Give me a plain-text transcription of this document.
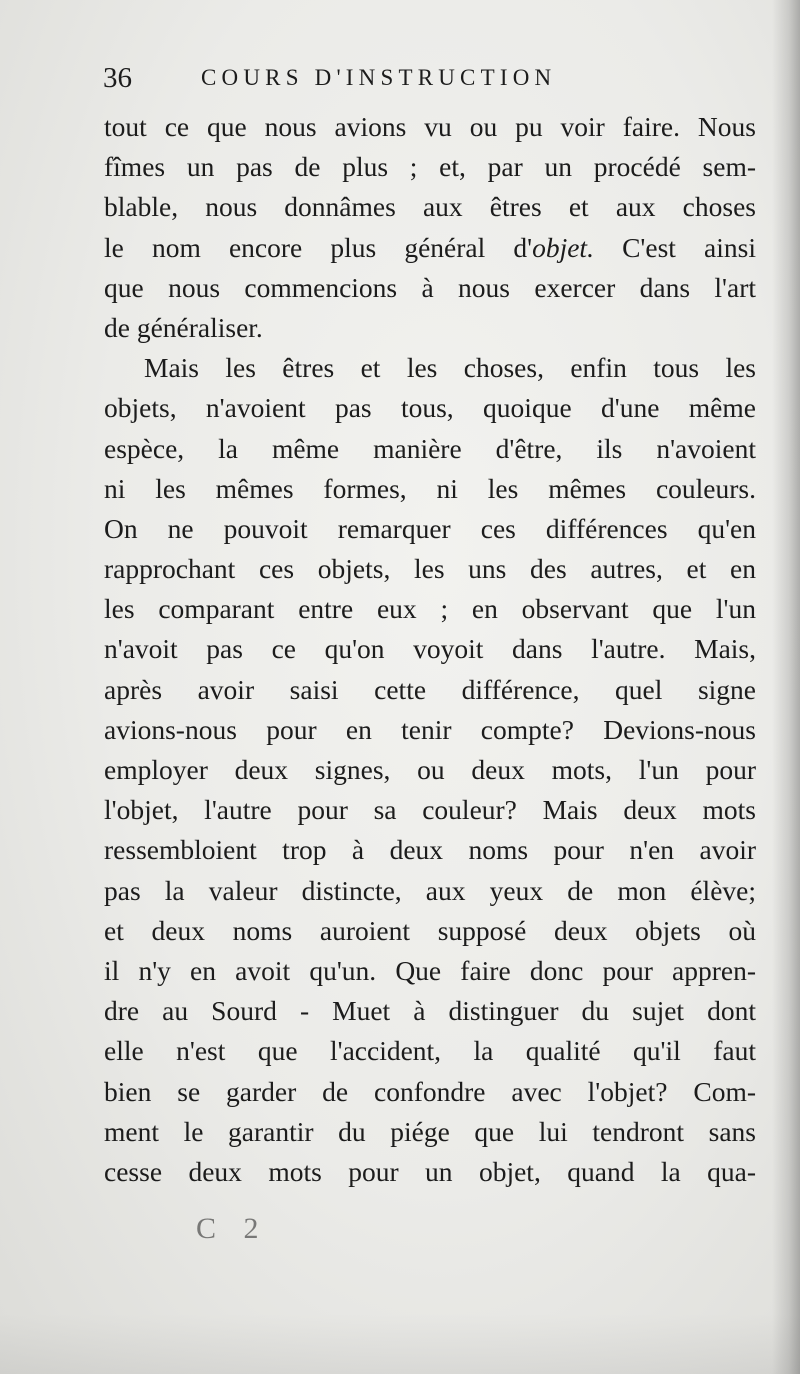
36	COURS D'INSTRUCTION
tout ce que nous avions vu ou pu voir faire. Nous
fîmes un pas de plus ; et, par un procédé sem-
blable, nous donnâmes aux êtres et aux choses
le nom encore plus général d'objet. C'est ainsi
que nous commencions à nous exercer dans l'art
de généraliser.
Mais les êtres et les choses, enfin tous les
objets, n'avoient pas tous, quoique d'une même
espèce, la même manière d'être, ils n'avoient
ni les mêmes formes, ni les mêmes couleurs.
On ne pouvoit remarquer ces différences qu'en
rapprochant ces objets, les uns des autres, et en
les comparant entre eux ; en observant que l'un
n'avoit pas ce qu'on voyoit dans l'autre. Mais,
après avoir saisi cette différence, quel signe
avions-nous pour en tenir compte? Devions-nous
employer deux signes, ou deux mots, l'un pour
l'objet, l'autre pour sa couleur? Mais deux mots
ressembloient trop à deux noms pour n'en avoir
pas la valeur distincte, aux yeux de mon élève;
et deux noms auroient supposé deux objets où
il n'y en avoit qu'un. Que faire donc pour appren-
dre au Sourd - Muet à distinguer du sujet dont
elle n'est que l'accident, la qualité qu'il faut
bien se garder de confondre avec l'objet? Com-
ment le garantir du piége que lui tendront sans
cesse deux mots pour un objet, quand la qua-
C 2
